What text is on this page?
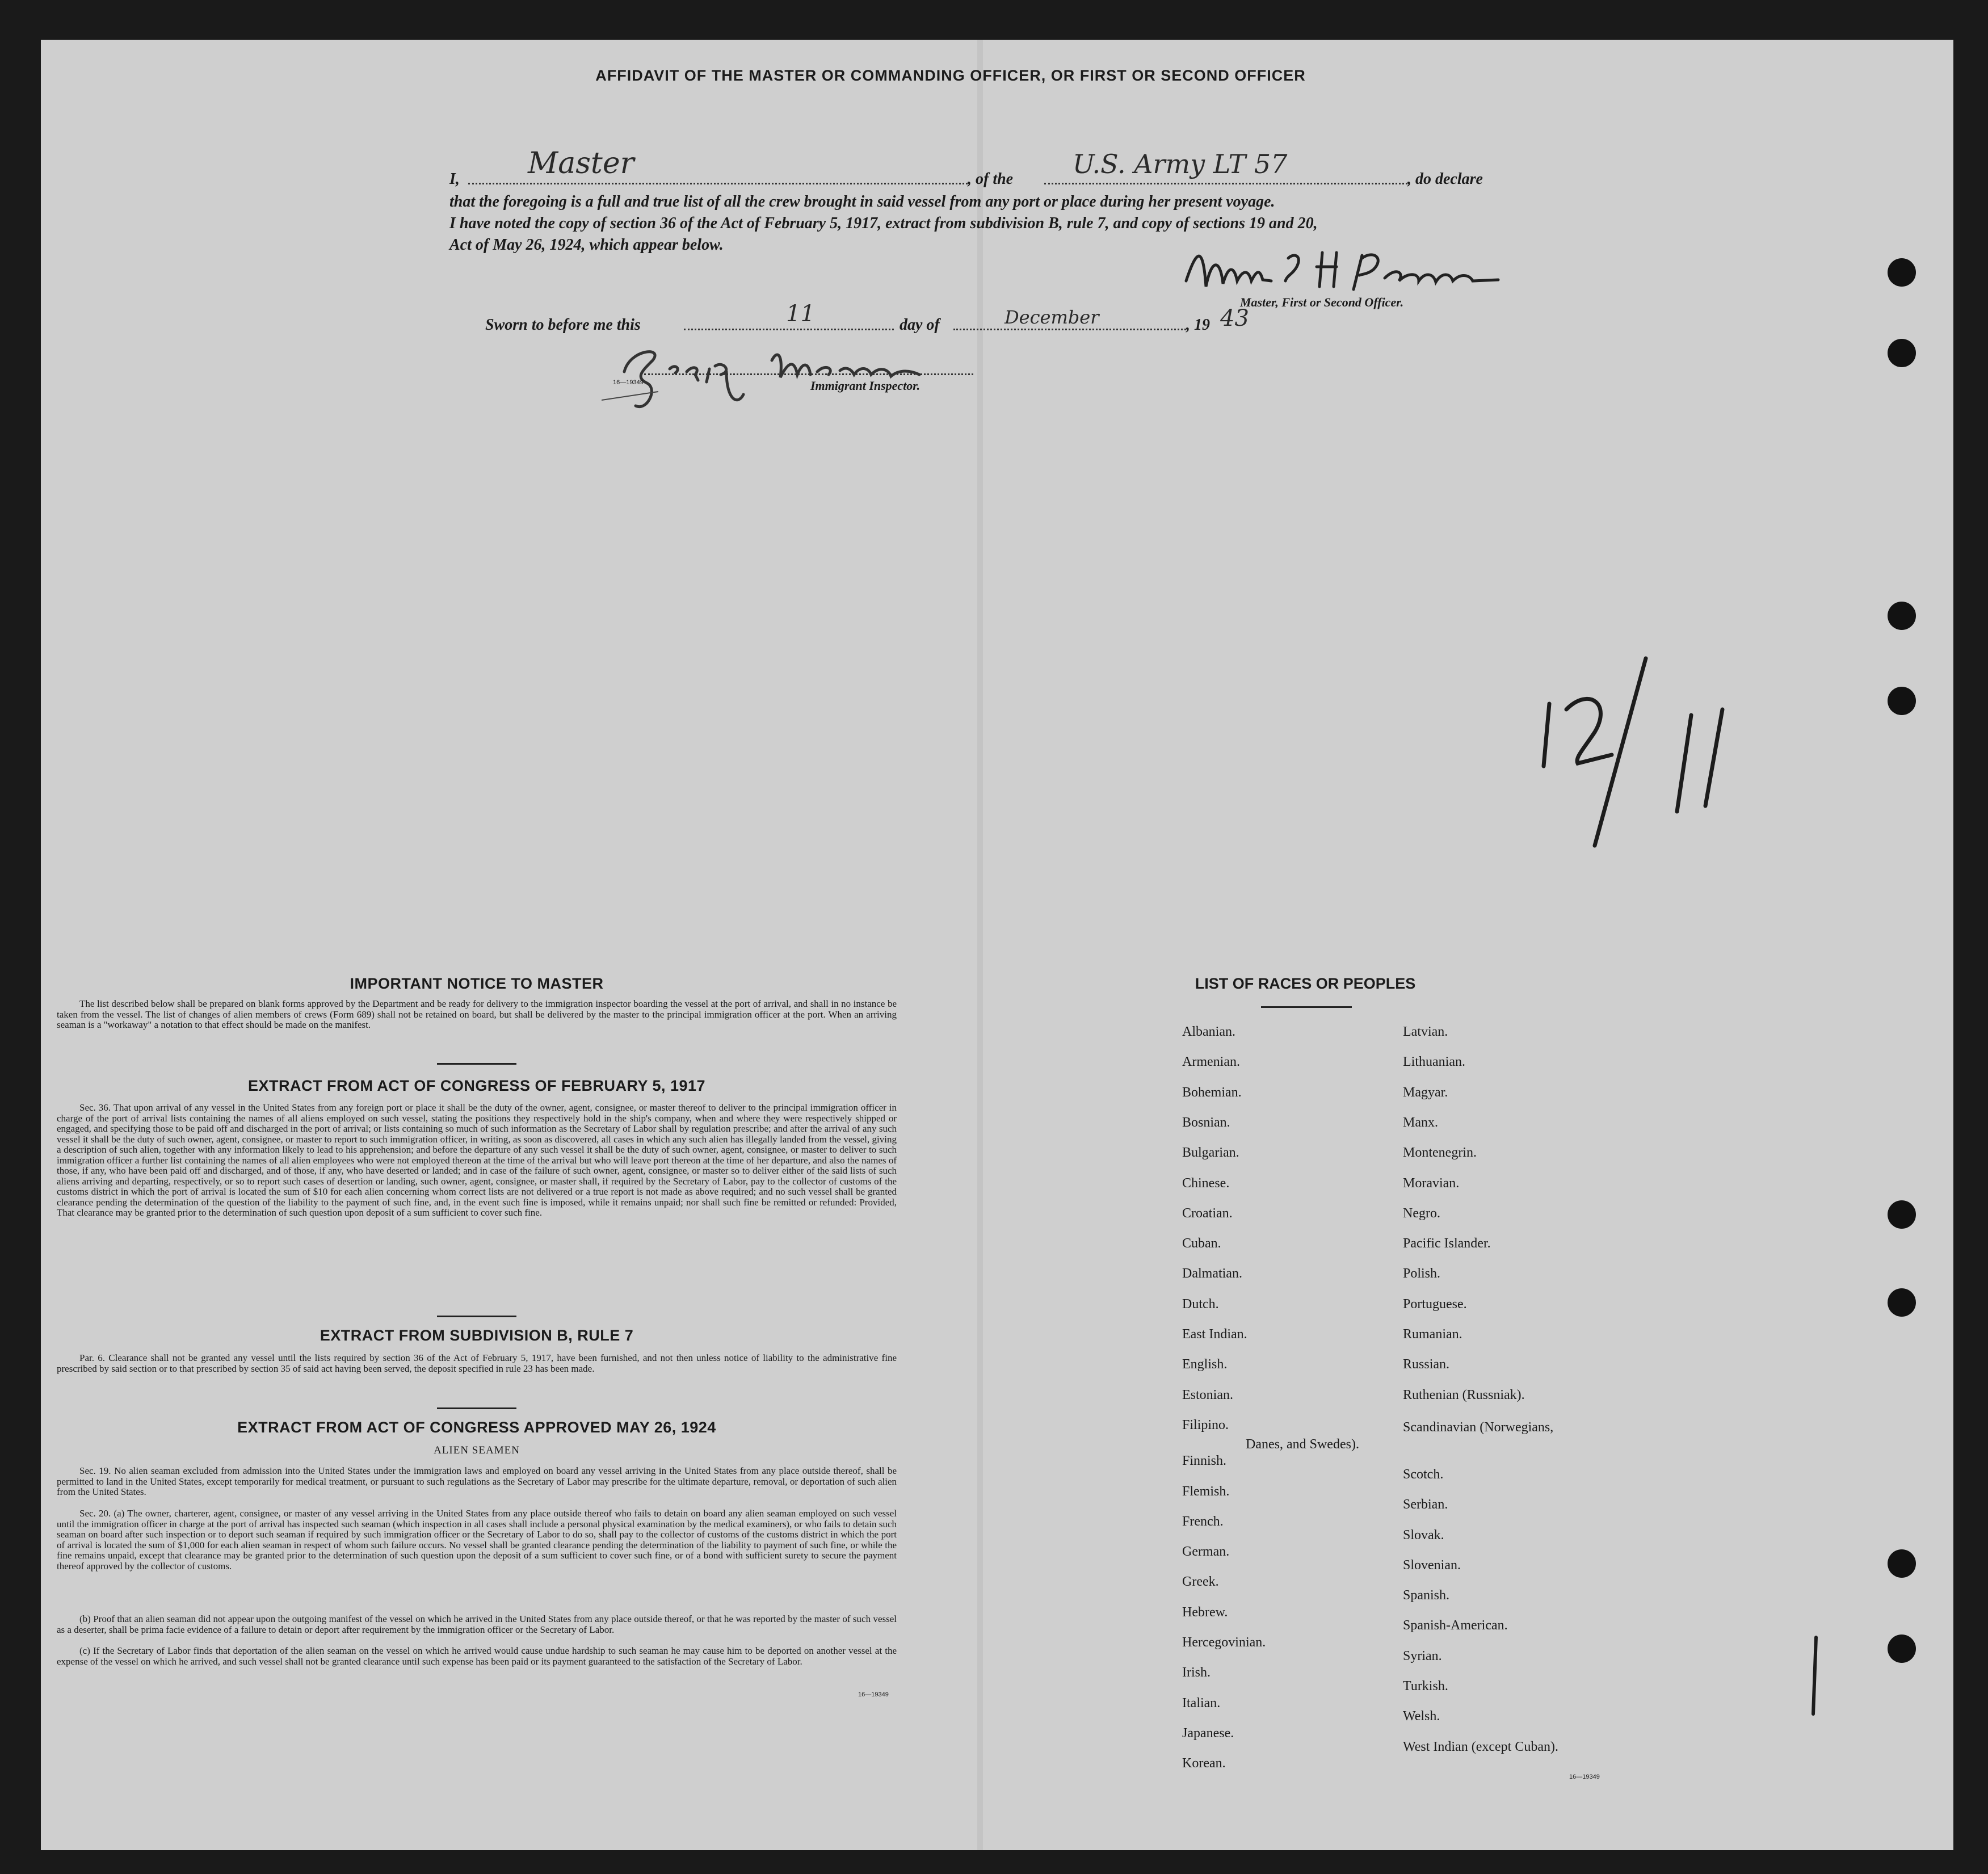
AFFIDAVIT OF THE MASTER OR COMMANDING OFFICER, OR FIRST OR SECOND OFFICER
I, Master	, of the U.S. Army LT 57	, do declare
that the foregoing is a full and true list of all the crew brought in said vessel from any port or place during her present voyage.
I have noted the copy of section 36 of the Act of February 5, 1917, extract from subdivision B, rule 7, and copy of sections 19 and 20,
Act of May 26, 1924, which appear below.
Master, First or Second Officer.
Sworn to before me this	11	day of	December	, 19 43
16—19349	Immigrant Inspector.
IMPORTANT NOTICE TO MASTER
The list described below shall be prepared on blank forms approved by the Department and be ready for delivery to the immigration inspector boarding the vessel at the port of arrival, and shall in no instance be taken from the vessel. The list of changes of alien members of crews (Form 689) shall not be retained on board, but shall be delivered by the master to the principal immigration officer at the port. When an arriving seaman is a "workaway" a notation to that effect should be made on the manifest.
EXTRACT FROM ACT OF CONGRESS OF FEBRUARY 5, 1917
Sec. 36. That upon arrival of any vessel in the United States from any foreign port or place it shall be the duty of the owner, agent, consignee, or master thereof to deliver to the principal immigration officer in charge of the port of arrival lists containing the names of all aliens employed on such vessel, stating the positions they respectively hold in the ship's company, when and where they were respectively shipped or engaged, and specifying those to be paid off and discharged in the port of arrival; or lists containing so much of such information as the Secretary of Labor shall by regulation prescribe; and after the arrival of any such vessel it shall be the duty of such owner, agent, consignee, or master to report to such immigration officer, in writing, as soon as discovered, all cases in which any such alien has illegally landed from the vessel, giving a description of such alien, together with any information likely to lead to his apprehension; and before the departure of any such vessel it shall be the duty of such owner, agent, consignee, or master to deliver to such immigration officer a further list containing the names of all alien employees who were not employed thereon at the time of the arrival but who will leave port thereon at the time of her departure, and also the names of those, if any, who have been paid off and discharged, and of those, if any, who have deserted or landed; and in case of the failure of such owner, agent, consignee, or master so to deliver either of the said lists of such aliens arriving and departing, respectively, or so to report such cases of desertion or landing, such owner, agent, consignee, or master shall, if required by the Secretary of Labor, pay to the collector of customs of the customs district in which the port of arrival is located the sum of $10 for each alien concerning whom correct lists are not delivered or a true report is not made as above required; and no such vessel shall be granted clearance pending the determination of the question of the liability to the payment of such fine, and, in the event such fine is imposed, while it remains unpaid; nor shall such fine be remitted or refunded: Provided, That clearance may be granted prior to the determination of such question upon deposit of a sum sufficient to cover such fine.
EXTRACT FROM SUBDIVISION B, RULE 7
Par. 6. Clearance shall not be granted any vessel until the lists required by section 36 of the Act of February 5, 1917, have been furnished, and not then unless notice of liability to the administrative fine prescribed by said section or to that prescribed by section 35 of said act having been served, the deposit specified in rule 23 has been made.
EXTRACT FROM ACT OF CONGRESS APPROVED MAY 26, 1924
ALIEN SEAMEN
Sec. 19. No alien seaman excluded from admission into the United States under the immigration laws and employed on board any vessel arriving in the United States from any place outside thereof, shall be permitted to land in the United States, except temporarily for medical treatment, or pursuant to such regulations as the Secretary of Labor may prescribe for the ultimate departure, removal, or deportation of such alien from the United States.
Sec. 20. (a) The owner, charterer, agent, consignee, or master of any vessel arriving in the United States from any place outside thereof who fails to detain on board any alien seaman employed on such vessel until the immigration officer in charge at the port of arrival has inspected such seaman (which inspection in all cases shall include a personal physical examination by the medical examiners), or who fails to detain such seaman on board after such inspection or to deport such seaman if required by such immigration officer or the Secretary of Labor to do so, shall pay to the collector of customs of the customs district in which the port of arrival is located the sum of $1,000 for each alien seaman in respect of whom such failure occurs. No vessel shall be granted clearance pending the determination of the liability to payment of such fine, or while the fine remains unpaid, except that clearance may be granted prior to the determination of such question upon the deposit of a sum sufficient to cover such fine, or of a bond with sufficient surety to secure the payment thereof approved by the collector of customs.
(b) Proof that an alien seaman did not appear upon the outgoing manifest of the vessel on which he arrived in the United States from any place outside thereof, or that he was reported by the master of such vessel as a deserter, shall be prima facie evidence of a failure to detain or deport after requirement by the immigration officer or the Secretary of Labor.
(c) If the Secretary of Labor finds that deportation of the alien seaman on the vessel on which he arrived would cause undue hardship to such seaman he may cause him to be deported on another vessel at the expense of the vessel on which he arrived, and such vessel shall not be granted clearance until such expense has been paid or its payment guaranteed to the satisfaction of the Secretary of Labor.
16—19349
LIST OF RACES OR PEOPLES
Albanian.
Armenian.
Bohemian.
Bosnian.
Bulgarian.
Chinese.
Croatian.
Cuban.
Dalmatian.
Dutch.
East Indian.
English.
Estonian.
Filipino.
Finnish.
Flemish.
French.
German.
Greek.
Hebrew.
Hercegovinian.
Irish.
Italian.
Japanese.
Korean.
Latvian.
Lithuanian.
Magyar.
Manx.
Montenegrin.
Moravian.
Negro.
Pacific Islander.
Polish.
Portuguese.
Rumanian.
Russian.
Ruthenian (Russniak).
Scandinavian (Norwegians,
Danes, and Swedes).
Scotch.
Serbian.
Slovak.
Slovenian.
Spanish.
Spanish-American.
Syrian.
Turkish.
Welsh.
West Indian (except Cuban).
16—19349
